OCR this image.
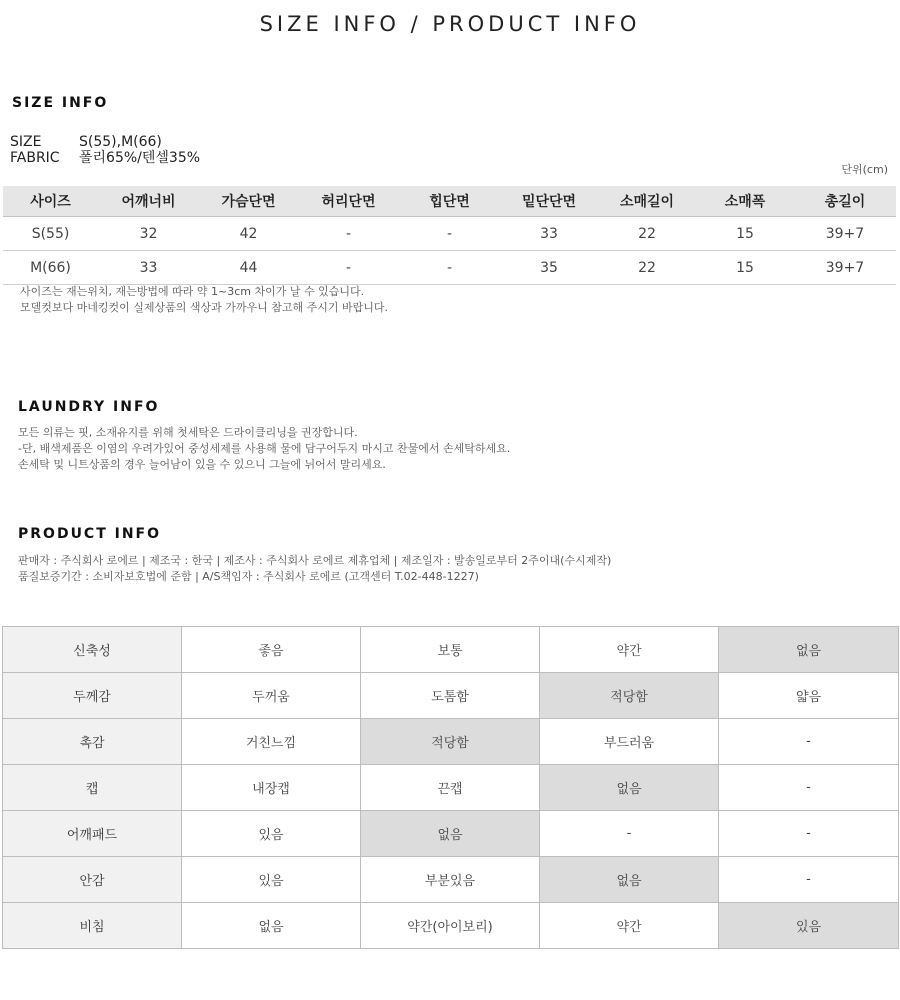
SIZE INFO / PRODUCT INFO
SIZE INFO
SIZE	S(55),M(66)
FABRIC	폴리65%/텐셀35%
단위(cm)
사이즈	어깨너비	가슴단면	허리단면	힙단면	밑단단면	소매길이	소매폭	총길이
S(55)	32	42	-	-	33	22	15	39+7
M(66)	33	44	-	-	35	22	15	39+7
사이즈는 재는위치, 재는방법에 따라 약 1~3cm 차이가 날 수 있습니다.
모델컷보다 마네킹컷이 실제상품의 색상과 가까우니 참고해 주시기 바랍니다.
LAUNDRY INFO
모든 의류는 핏, 소재유지를 위해 첫세탁은 드라이클리닝을 권장합니다.
-단, 배색제품은 이염의 우려가있어 중성세제를 사용해 물에 담구어두지 마시고 찬물에서 손세탁하세요.
손세탁 및 니트상품의 경우 늘어남이 있을 수 있으니 그늘에 뉘어서 말리세요.
PRODUCT INFO
판매자 : 주식회사 로에르 | 제조국 : 한국 | 제조사 : 주식회사 로에르 제휴업체 | 제조일자 : 발송일로부터 2주이내(수시제작)
품질보증기간 : 소비자보호법에 준함 | A/S책임자 : 주식회사 로에르 (고객센터 T.02-448-1227)
신축성	좋음	보통	약간	없음
두께감	두꺼움	도톰함	적당함	얇음
촉감	거친느낌	적당함	부드러움	-
캡	내장캡	끈캡	없음	-
어깨패드	있음	없음	-	-
안감	있음	부분있음	없음	-
비침	없음	약간(아이보리)	약간	있음
